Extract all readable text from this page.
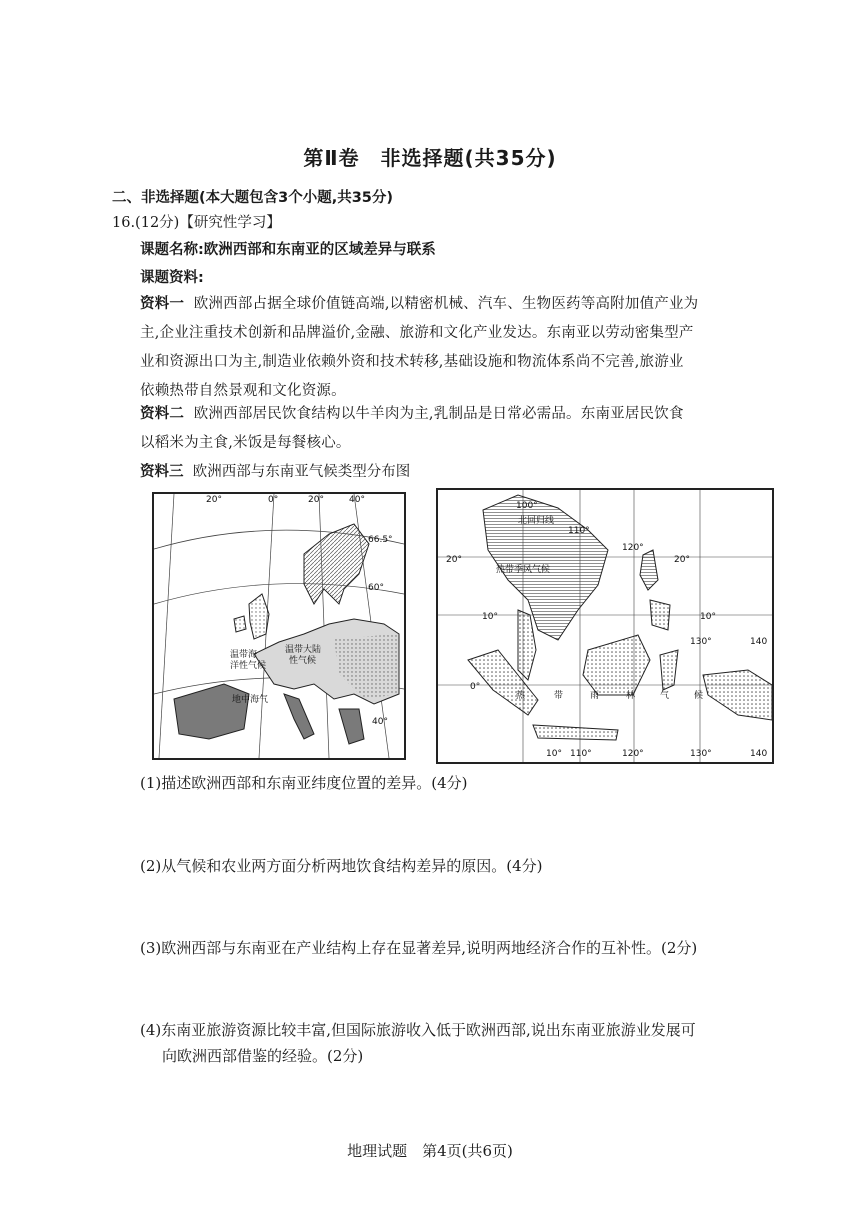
第Ⅱ卷　非选择题(共35分)
二、非选择题(本大题包含3个小题,共35分)
16.(12分)【研究性学习】
课题名称:欧洲西部和东南亚的区域差异与联系
课题资料:
资料一 欧洲西部占据全球价值链高端,以精密机械、汽车、生物医药等高附加值产业为
主,企业注重技术创新和品牌溢价,金融、旅游和文化产业发达。东南亚以劳动密集型产
业和资源出口为主,制造业依赖外资和技术转移,基础设施和物流体系尚不完善,旅游业
依赖热带自然景观和文化资源。
资料二 欧洲西部居民饮食结构以牛羊肉为主,乳制品是日常必需品。东南亚居民饮食
以稻米为主食,米饭是每餐核心。
资料三 欧洲西部与东南亚气候类型分布图
20°	0°	20°	40°
66.5°
60°
40°
温带海
洋性气候
温带大陆
性气候
地中海气
100°
北回归线
110°
120°
20°	20°
热带季风气候
10°	10°
130°	140
0°
热	带	雨	林	气	候
10° 110°	120°	130°	140
(1)描述欧洲西部和东南亚纬度位置的差异。(4分)
(2)从气候和农业两方面分析两地饮食结构差异的原因。(4分)
(3)欧洲西部与东南亚在产业结构上存在显著差异,说明两地经济合作的互补性。(2分)
(4)东南亚旅游资源比较丰富,但国际旅游收入低于欧洲西部,说出东南亚旅游业发展可
向欧洲西部借鉴的经验。(2分)
地理试题　第4页(共6页)
